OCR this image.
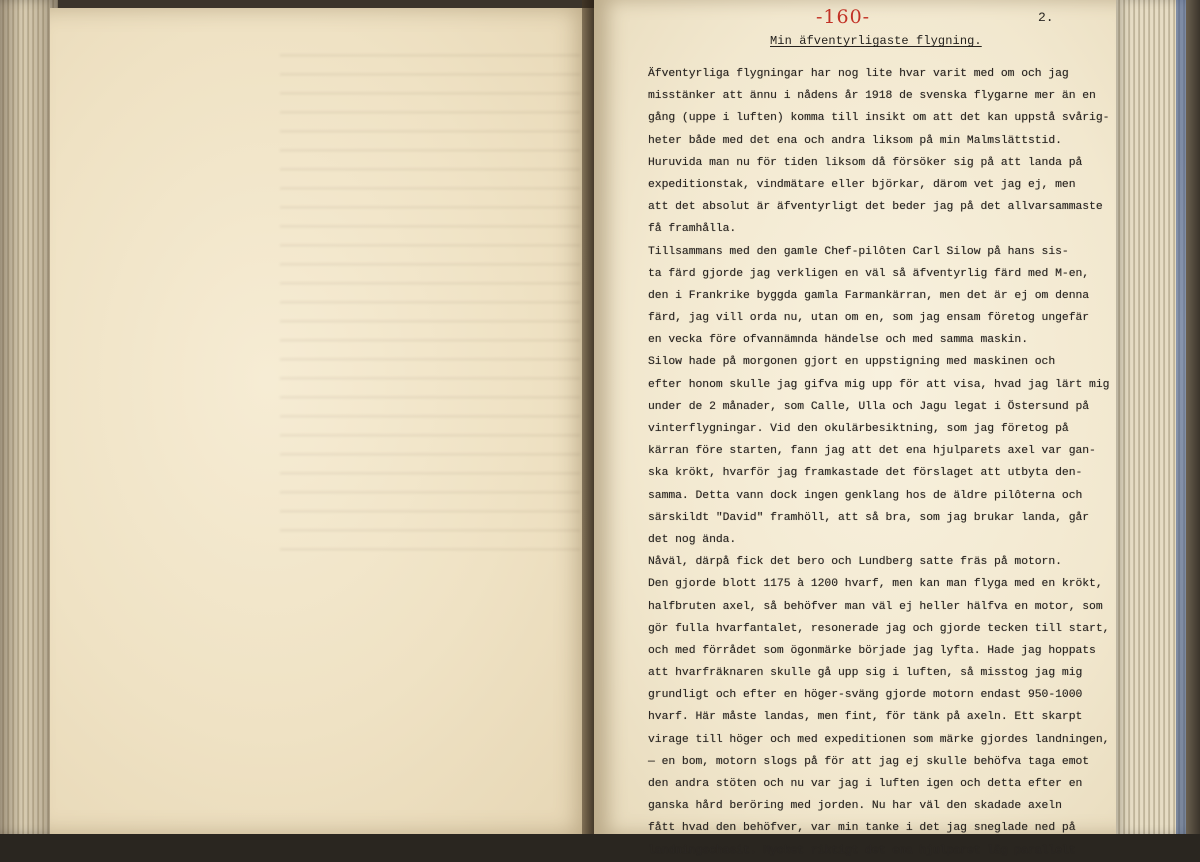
-160-	2.
Min äfventyrligaste flygning.
Äfventyrliga flygningar har nog lite hvar varit med om och jag
misstänker att ännu i nådens år 1918 de svenska flygarne mer än en
gång (uppe i luften) komma till insikt om att det kan uppstå svårig-
heter både med det ena och andra liksom på min Malmslättstid.
Huruvida man nu för tiden liksom då försöker sig på att landa på
expeditionstak, vindmätare eller björkar, därom vet jag ej, men
att det absolut är äfventyrligt det beder jag på det allvarsammaste
få framhålla.
Tillsammans med den gamle Chef-pilôten Carl Silow på hans sis-
ta färd gjorde jag verkligen en väl så äfventyrlig färd med M-en,
den i Frankrike byggda gamla Farmankärran, men det är ej om denna
färd, jag vill orda nu, utan om en, som jag ensam företog ungefär
en vecka före ofvannämnda händelse och med samma maskin.
Silow hade på morgonen gjort en uppstigning med maskinen och
efter honom skulle jag gifva mig upp för att visa, hvad jag lärt mig
under de 2 månader, som Calle, Ulla och Jagu legat i Östersund på
vinterflygningar. Vid den okulärbesiktning, som jag företog på
kärran före starten, fann jag att det ena hjulparets axel var gan-
ska krökt, hvarför jag framkastade det förslaget att utbyta den-
samma. Detta vann dock ingen genklang hos de äldre pilôterna och
särskildt "David" framhöll, att så bra, som jag brukar landa, går
det nog ända.
Nåväl, därpå fick det bero och Lundberg satte fräs på motorn.
Den gjorde blott 1175 à 1200 hvarf, men kan man flyga med en krökt,
halfbruten axel, så behöfver man väl ej heller hälfva en motor, som
gör fulla hvarfantalet, resonerade jag och gjorde tecken till start,
och med förrådet som ögonmärke började jag lyfta. Hade jag hoppats
att hvarfräknaren skulle gå upp sig i luften, så misstog jag mig
grundligt och efter en höger-sväng gjorde motorn endast 950-1000
hvarf. Här måste landas, men fint, för tänk på axeln. Ett skarpt
virage till höger och med expeditionen som märke gjordes landningen,
— en bom, motorn slogs på för att jag ej skulle behöfva taga emot
den andra stöten och nu var jag i luften igen och detta efter en
ganska hård beröring med jorden. Nu har väl den skadade axeln
fått hvad den behöfver, var min tanke i det jag sneglade ned på
landningschasit. Mycket riktigt det ena hjulparet låg parallelt
